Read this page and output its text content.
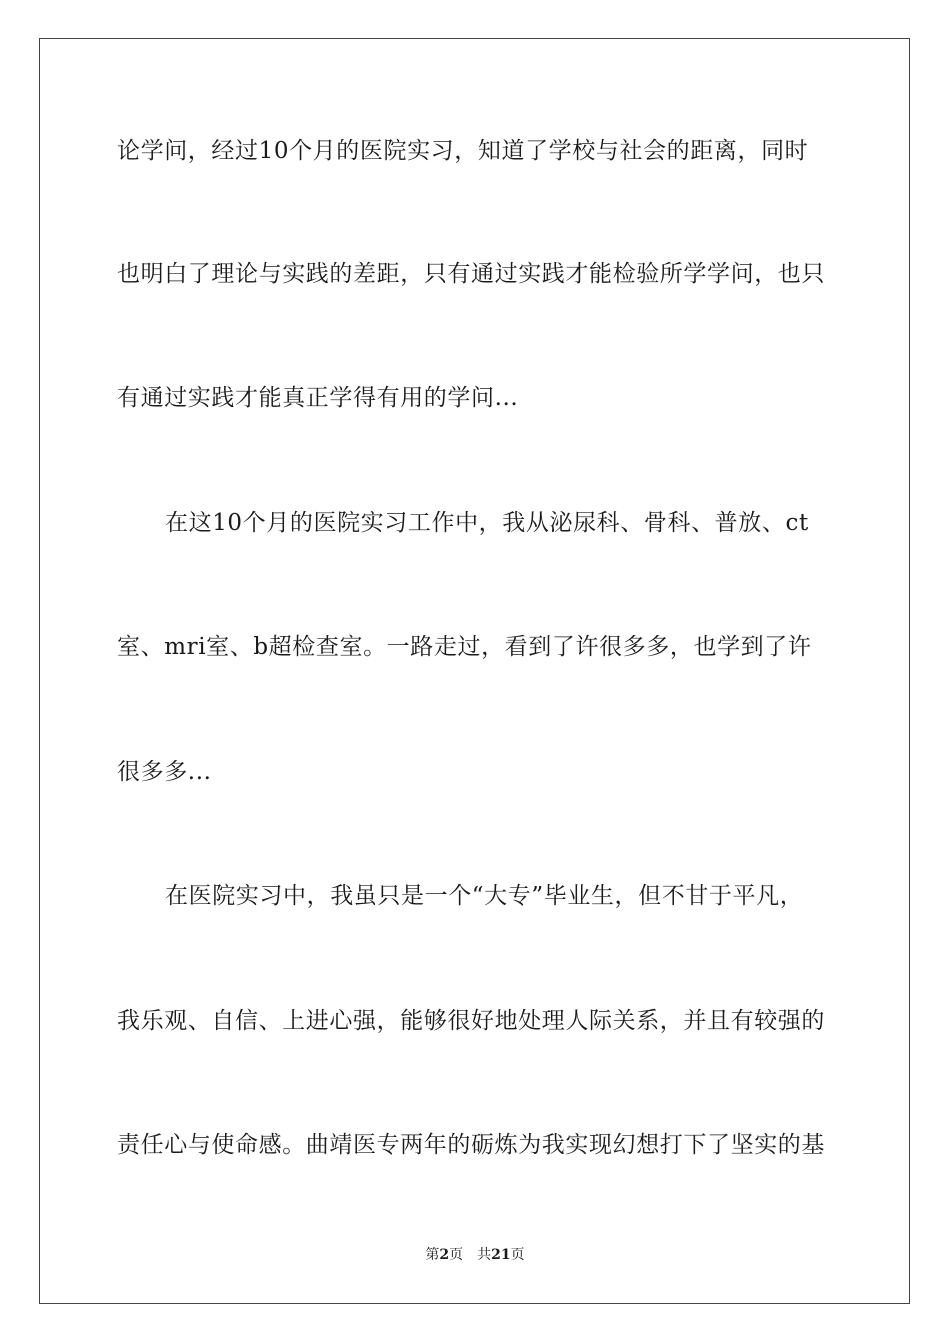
论学问，经过10个月的医院实习，知道了学校与社会的距离，同时
也明白了理论与实践的差距，只有通过实践才能检验所学学问，也只
有通过实践才能真正学得有用的学问...
在这10个月的医院实习工作中，我从泌尿科、骨科、普放、ct
室、mri室、b超检查室。一路走过，看到了许很多多，也学到了许
很多多...
在医院实习中，我虽只是一个“大专”毕业生，但不甘于平凡，
我乐观、自信、上进心强，能够很好地处理人际关系，并且有较强的
责任心与使命感。曲靖医专两年的砺炼为我实现幻想打下了坚实的基
第2页 共21页
